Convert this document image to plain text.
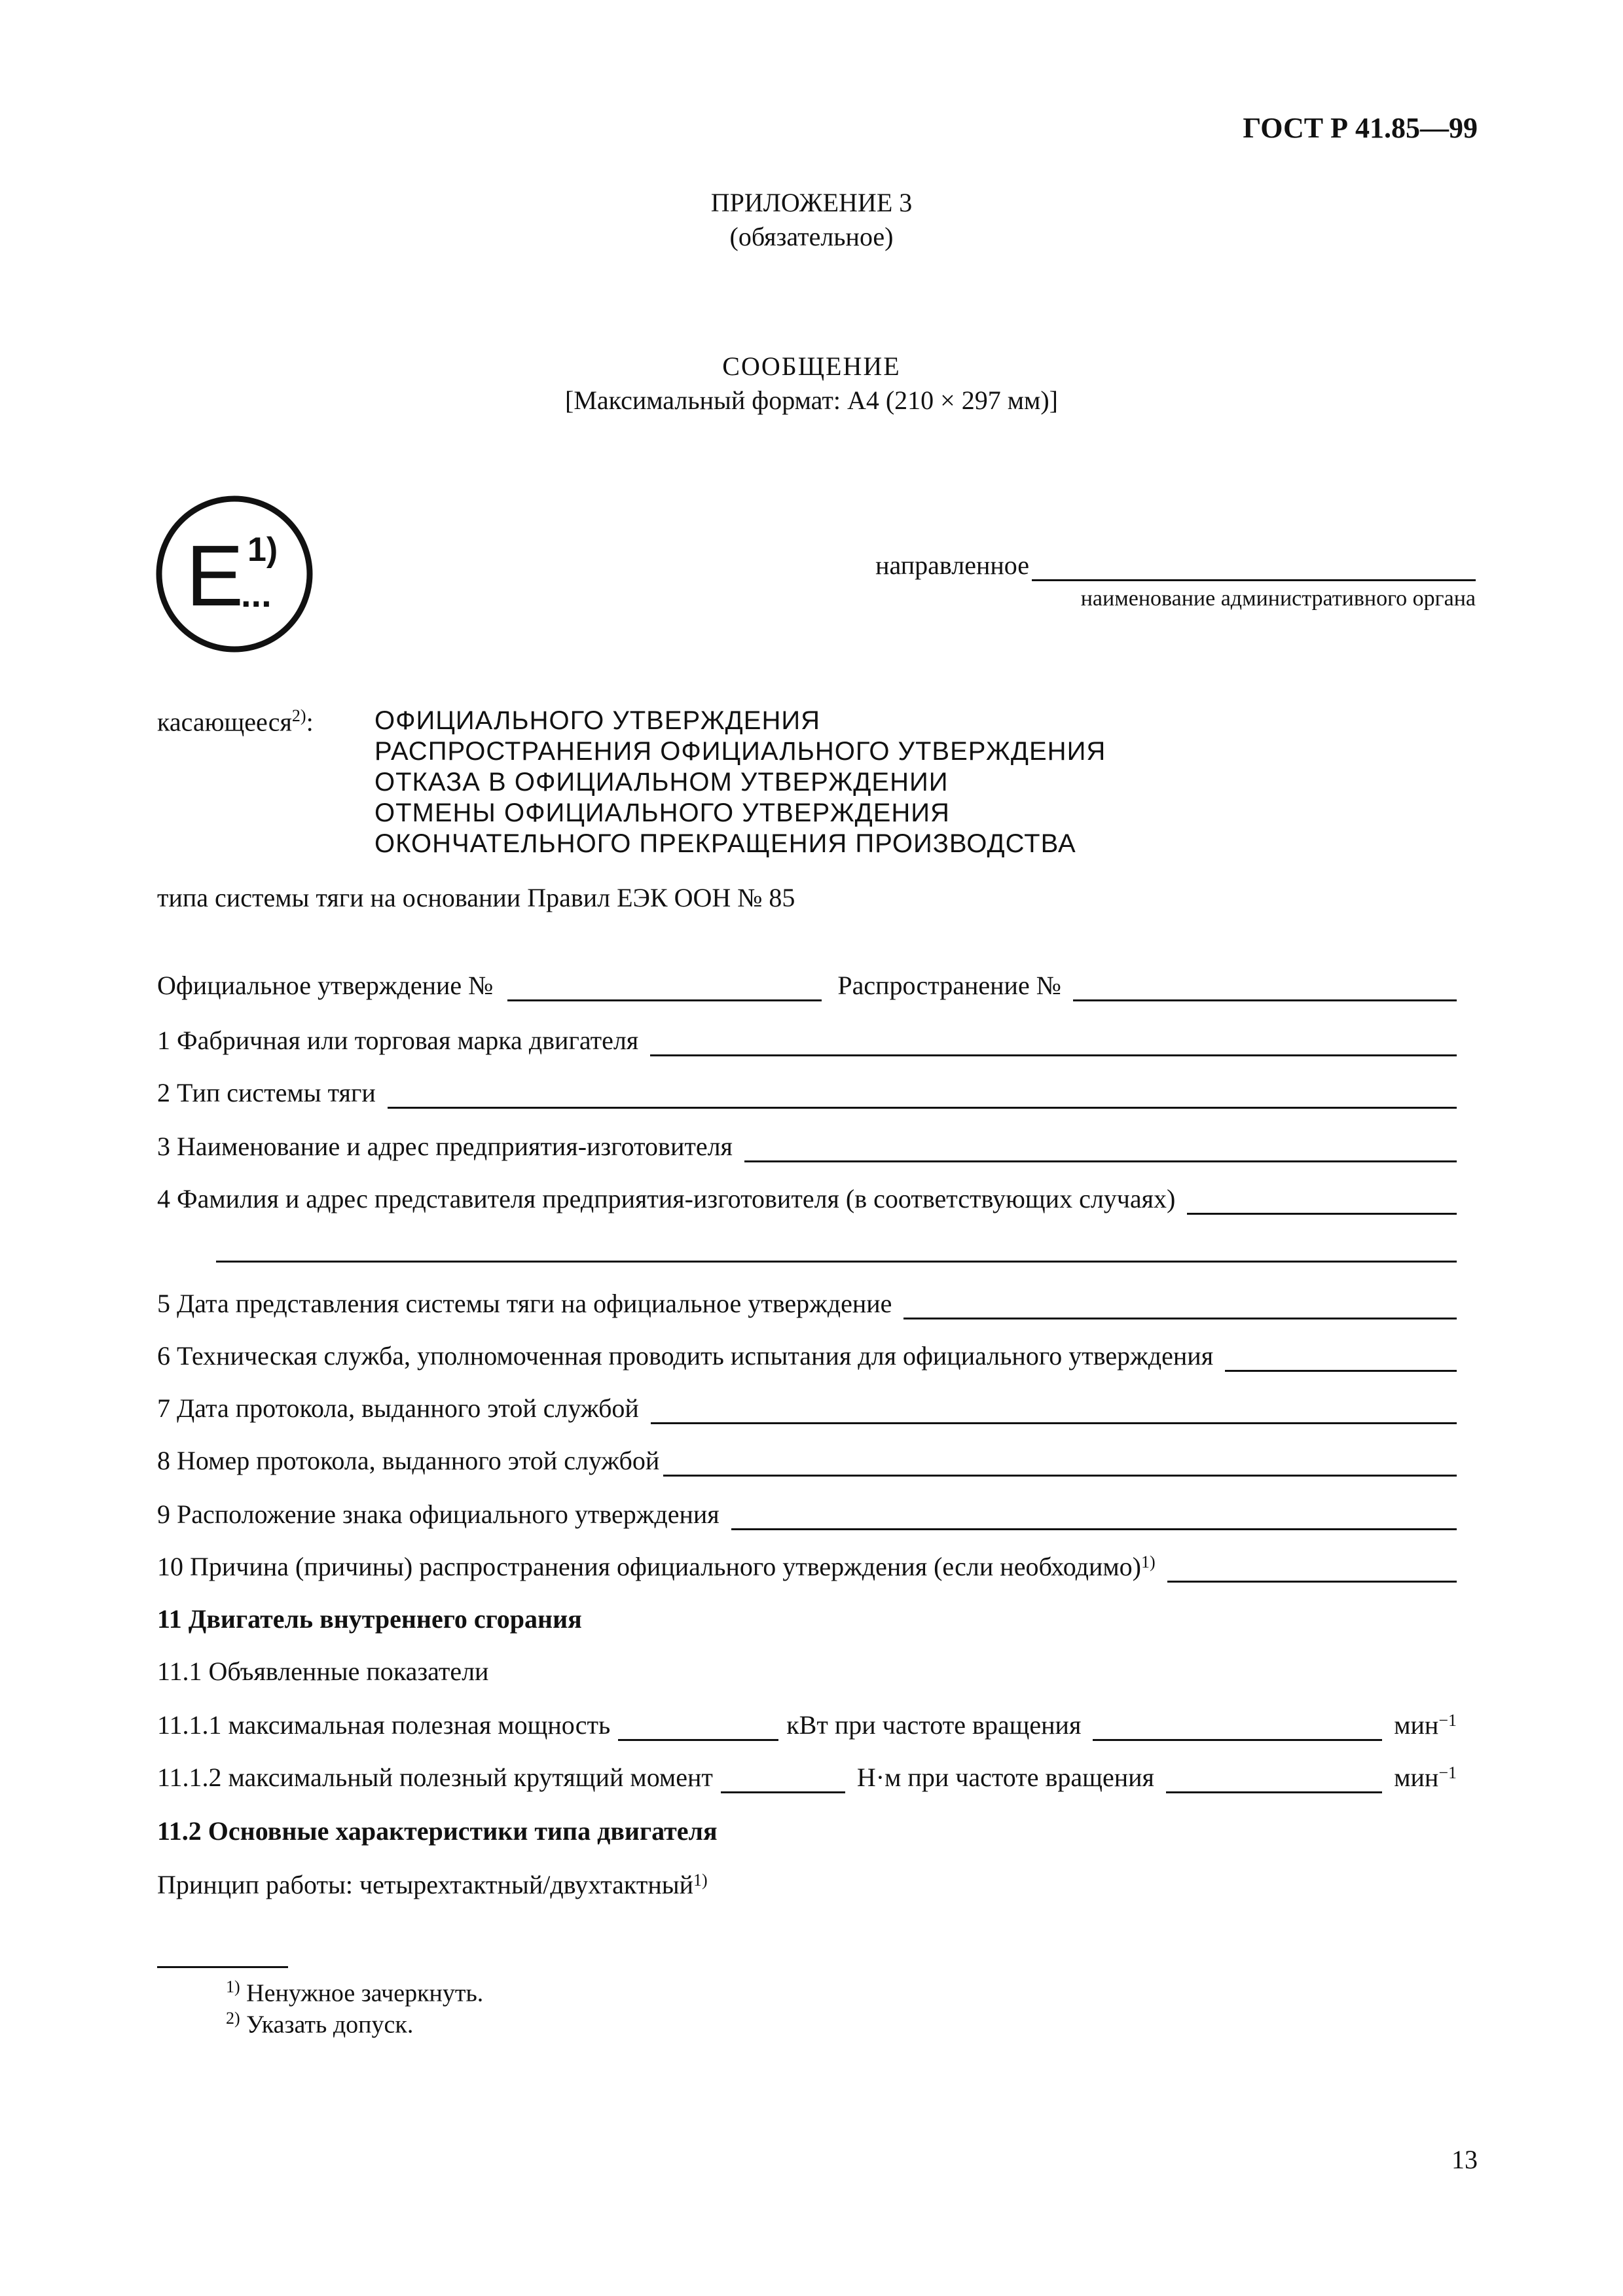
ГОСТ Р 41.85—99
ПРИЛОЖЕНИЕ 3
(обязательное)
СООБЩЕНИЕ
[Максимальный формат: А4 (210 × 297 мм)]
E 1)
...
направленное
наименование административного органа
касающееся$^{2)}$: ОФИЦИАЛЬНОГО УТВЕРЖДЕНИЯ
РАСПРОСТРАНЕНИЯ ОФИЦИАЛЬНОГО УТВЕРЖДЕНИЯ
ОТКАЗА В ОФИЦИАЛЬНОМ УТВЕРЖДЕНИИ
ОТМЕНЫ ОФИЦИАЛЬНОГО УТВЕРЖДЕНИЯ
ОКОНЧАТЕЛЬНОГО ПРЕКРАЩЕНИЯ ПРОИЗВОДСТВА
типа системы тяги на основании Правил ЕЭК ООН № 85
Официальное утверждение №	Распространение №
1 Фабричная или торговая марка двигателя
2 Тип системы тяги
3 Наименование и адрес предприятия-изготовителя
4 Фамилия и адрес представителя предприятия-изготовителя (в соответствующих случаях)
5 Дата представления системы тяги на официальное утверждение
6 Техническая служба, уполномоченная проводить испытания для официального утверждения
7 Дата протокола, выданного этой службой
8 Номер протокола, выданного этой службой
9 Расположение знака официального утверждения
10 Причина (причины) распространения официального утверждения (если необходимо) 1)
11 Двигатель внутреннего сгорания
11.1 Объявленные показатели
11.1.1 максимальная полезная мощность	кВт при частоте вращения	мин −1
11.1.2 максимальный полезный крутящий момент	Н·м при частоте вращения	мин −1
11.2 Основные характеристики типа двигателя
Принцип работы: четырехтактный/двухтактный 1)
$^{1)}$ Ненужное зачеркнуть.
$^{2)}$ Указать допуск.
13
